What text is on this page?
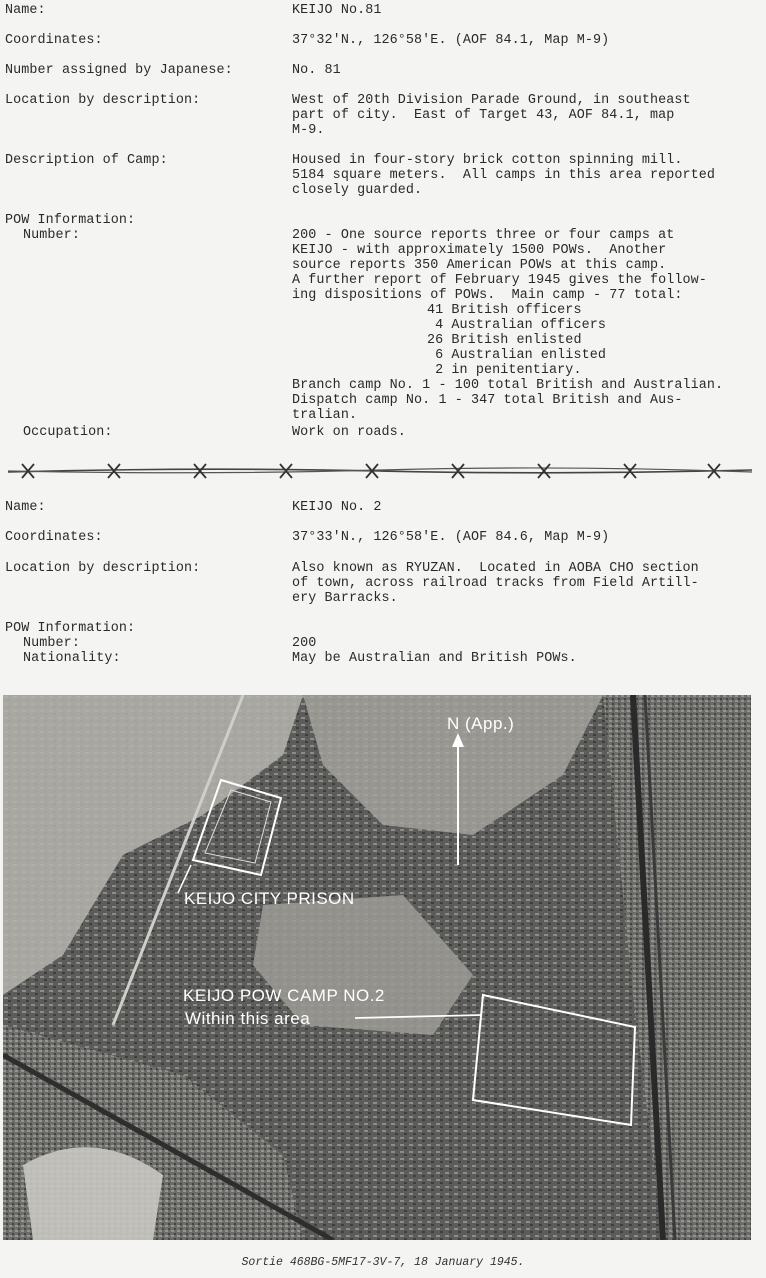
Name:	KEIJO No.81
Coordinates:	37°32'N., 126°58'E. (AOF 84.1, Map M-9)
Number assigned by Japanese:	No. 81
Location by description:	West of 20th Division Parade Ground, in southeast
part of city.  East of Target 43, AOF 84.1, map
M-9.
Description of Camp:	Housed in four-story brick cotton spinning mill.
5184 square meters.  All camps in this area reported
closely guarded.
POW Information:
Number:	200 - One source reports three or four camps at
KEIJO - with approximately 1500 POWs.  Another
source reports 350 American POWs at this camp.
A further report of February 1945 gives the follow-
ing dispositions of POWs.  Main camp - 77 total:
41 British officers
4 Australian officers
26 British enlisted
6 Australian enlisted
2 in penitentiary.
Branch camp No. 1 - 100 total British and Australian.
Dispatch camp No. 1 - 347 total British and Aus-
tralian.
Occupation:	Work on roads.
Name:	KEIJO No. 2
Coordinates:	37°33'N., 126°58'E. (AOF 84.6, Map M-9)
Location by description:	Also known as RYUZAN.  Located in AOBA CHO section
of town, across railroad tracks from Field Artill-
ery Barracks.
POW Information:
Number:	200
Nationality:	May be Australian and British POWs.
N (App.)
KEIJO CITY PRISON
KEIJO POW CAMP NO.2
Within this area
Sortie 468BG-5MF17-3V-7, 18 January 1945.
